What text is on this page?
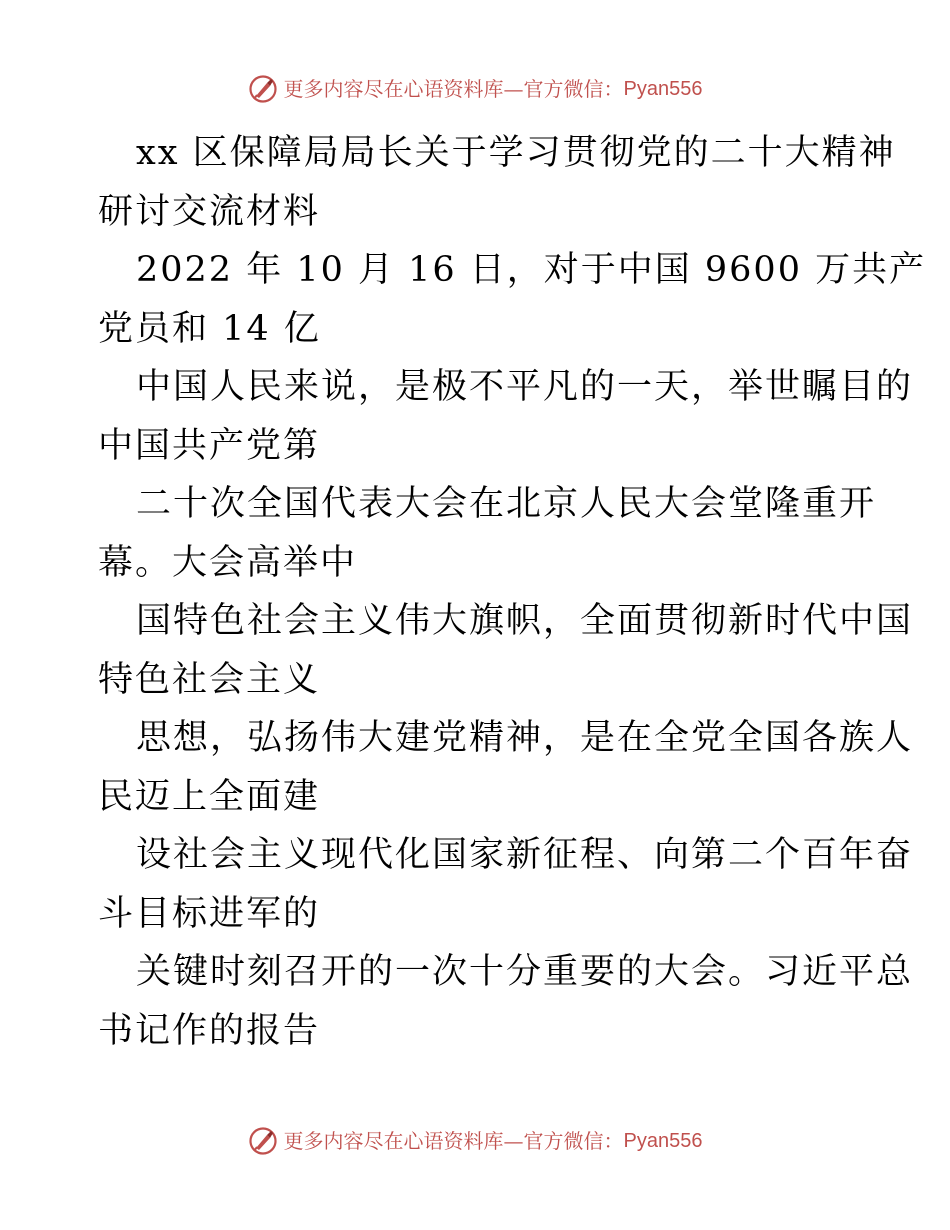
更多内容尽在心语资料库 — 官方微信： Pyan556
xx 区保障局局长关于学习贯彻党的二十大精神
研讨交流材料
2022 年 10 月 16 日，对于中国 9600 万共产
党员和 14 亿
中国人民来说，是极不平凡的一天，举世瞩目的
中国共产党第
二十次全国代表大会在北京人民大会堂隆重开
幕。大会高举中
国特色社会主义伟大旗帜，全面贯彻新时代中国
特色社会主义
思想，弘扬伟大建党精神，是在全党全国各族人
民迈上全面建
设社会主义现代化国家新征程、向第二个百年奋
斗目标进军的
关键时刻召开的一次十分重要的大会。习近平总
书记作的报告
更多内容尽在心语资料库 — 官方微信： Pyan556
